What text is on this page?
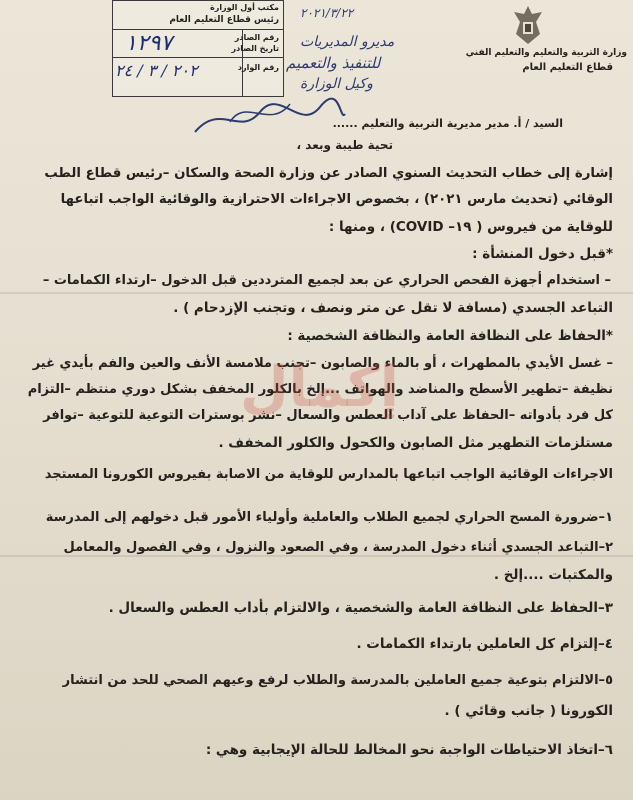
وزارة التربية والتعليم والتعليم الفني
قطاع التعليم العام
مكتب أول الوزارة
رئيس قطاع التعليم العام
رقم الصادر
تاريخ الصادر
رقم الوارد
١٢٩٧
٢٠٢ / ٣ / ٢٤
٢٠٢١/٣/٢٢
مديرو المديريات
للتنفيذ والتعميم
وكيل الوزارة
السيد / أ. مدير مديرية التربية والتعليم ......
تحية طيبة وبعد ،
إشارة إلى خطاب التحديث السنوي الصادر عن وزارة الصحة والسكان –رئيس قطاع الطب
الوقائي (تحديث مارس ٢٠٢١) ، بخصوص الاجراءات الاحترازية والوقائية الواجب اتباعها
للوقاية من فيروس ( ١٩– COVID) ، ومنها :
*قبل دخول المنشأة :
– استخدام أجهزة الفحص الحراري عن بعد لجميع المترددين قبل الدخول –ارتداء الكمامات –
التباعد الجسدي (مسافة لا تقل عن متر ونصف ، وتجنب الإزدحام ) .
*الحفاظ على النظافة العامة والنظافة الشخصية :
– غسل الأيدي بالمطهرات ، أو بالماء والصابون –تجنب ملامسة الأنف والعين والفم بأيدي غير
نظيفة –تطهير الأسطح والمناضد والهواتف ...إلخ بالكلور المخفف بشكل دوري منتظم –التزام
كل فرد بأدواته –الحفاظ على آداب العطس والسعال –نشر بوسترات التوعية للتوعية –توافر
مستلزمات التطهير مثل الصابون والكحول والكلور المخفف .
الاجراءات الوقائية الواجب اتباعها بالمدارس للوقاية من الاصابة بفيروس الكورونا المستجد
١–ضرورة المسح الحراري لجميع الطلاب والعاملية وأولياء الأمور قبل دخولهم إلى المدرسة
٢–التباعد الجسدي أثناء دخول المدرسة ، وفي الصعود والنزول ، وفي الفصول والمعامل
والمكتبات ....إلخ .
٣–الحفاظ على النظافة العامة والشخصية ، والالتزام بأداب العطس والسعال .
٤–إلتزام كل العاملين بارتداء الكمامات .
٥–الالتزام بتوعية جميع العاملين بالمدرسة والطلاب لرفع وعيهم الصحي للحد من انتشار
الكورونا ( جانب وقائي ) .
٦–اتخاذ الاحتياطات الواجبة نحو المخالط للحالة الإيجابية وهي :
إكمال
